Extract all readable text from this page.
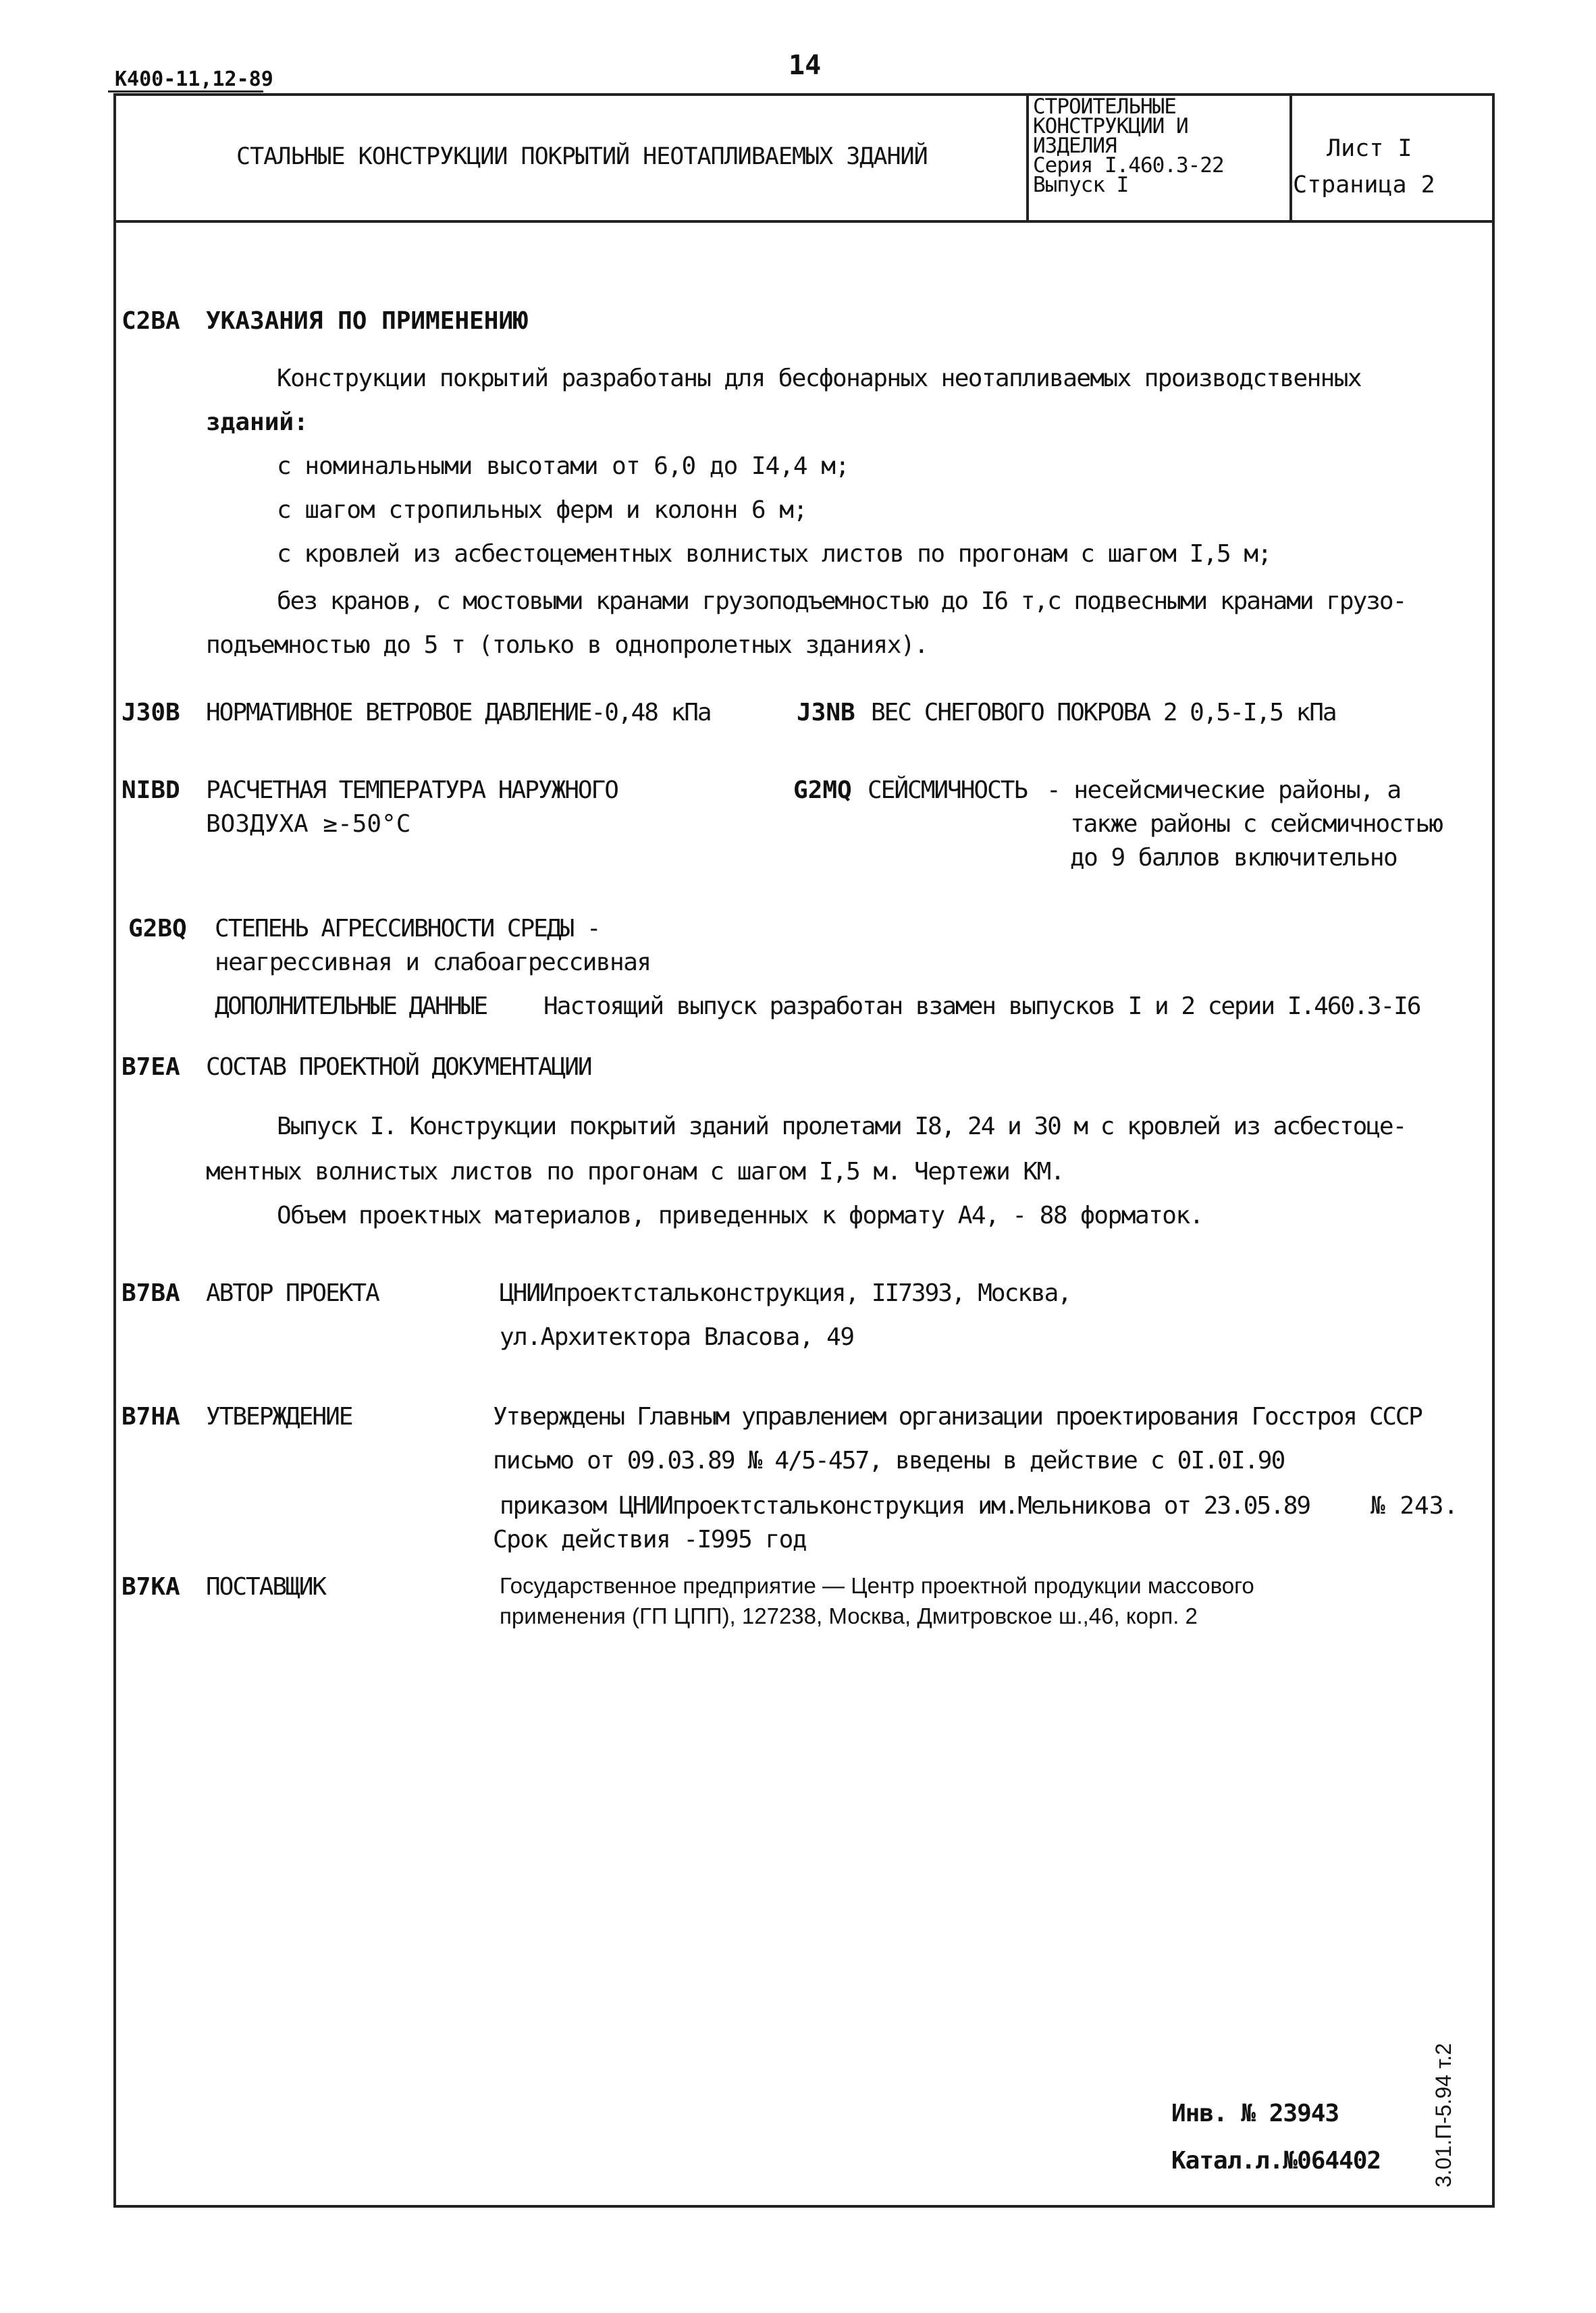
К400-11,12-89	14
СТАЛЬНЫЕ КОНСТРУКЦИИ ПОКРЫТИЙ НЕОТАПЛИВАЕМЫХ ЗДАНИЙ
СТРОИТЕЛЬНЫЕ
КОНСТРУКЦИИ И
ИЗДЕЛИЯ
Серия I.460.3-22
Выпуск I
Лист I
Страница 2
C2BA УКАЗАНИЯ ПО ПРИМЕНЕНИЮ
Конструкции покрытий разработаны для бесфонарных неотапливаемых производственных
зданий:
с номинальными высотами от 6,0 до I4,4 м;
с шагом стропильных ферм и колонн 6 м;
с кровлей из асбестоцементных волнистых листов по прогонам с шагом I,5 м;
без кранов, с мостовыми кранами грузоподъемностью до I6 т,с подвесными кранами грузо-
подъемностью до 5 т (только в однопролетных зданиях).
J30B НОРМАТИВНОЕ ВЕТРОВОЕ ДАВЛЕНИЕ-0,48 кПа	J3NB ВЕС СНЕГОВОГО ПОКРОВА 2 0,5-I,5 кПа
NIBD РАСЧЕТНАЯ ТЕМПЕРАТУРА НАРУЖНОГО
ВОЗДУХА ≥-50°С
G2MQ СЕЙСМИЧНОСТЬ - несейсмические районы, а
также районы с сейсмичностью
до 9 баллов включительно
G2BQ СТЕПЕНЬ АГРЕССИВНОСТИ СРЕДЫ -
неагрессивная и слабоагрессивная
ДОПОЛНИТЕЛЬНЫЕ ДАННЫЕ Настоящий выпуск разработан взамен выпусков I и 2 серии I.460.3-I6
B7EA СОСТАВ ПРОЕКТНОЙ ДОКУМЕНТАЦИИ
Выпуск I. Конструкции покрытий зданий пролетами I8, 24 и 30 м с кровлей из асбестоце-
ментных волнистых листов по прогонам с шагом I,5 м. Чертежи КМ.
Объем проектных материалов, приведенных к формату А4, - 88 форматок.
B7BA АВТОР ПРОЕКТА	ЦНИИпроектстальконструкция, II7393, Москва,
ул.Архитектора Власова, 49
B7HA УТВЕРЖДЕНИЕ	Утверждены Главным управлением организации проектирования Госстроя СССР
письмо от 09.03.89 № 4/5-457, введены в действие с 0I.0I.90
приказом ЦНИИпроектстальконструкция им.Мельникова от 23.05.89 № 243.
Срок действия -I995 год
B7KA ПОСТАВЩИК	Государственное предприятие — Центр проектной продукции массового
применения (ГП ЦПП), 127238, Москва, Дмитровское ш.,46, корп. 2
Инв. № 23943
Катал.л.№064402 3.01.П-5.94 т.2
